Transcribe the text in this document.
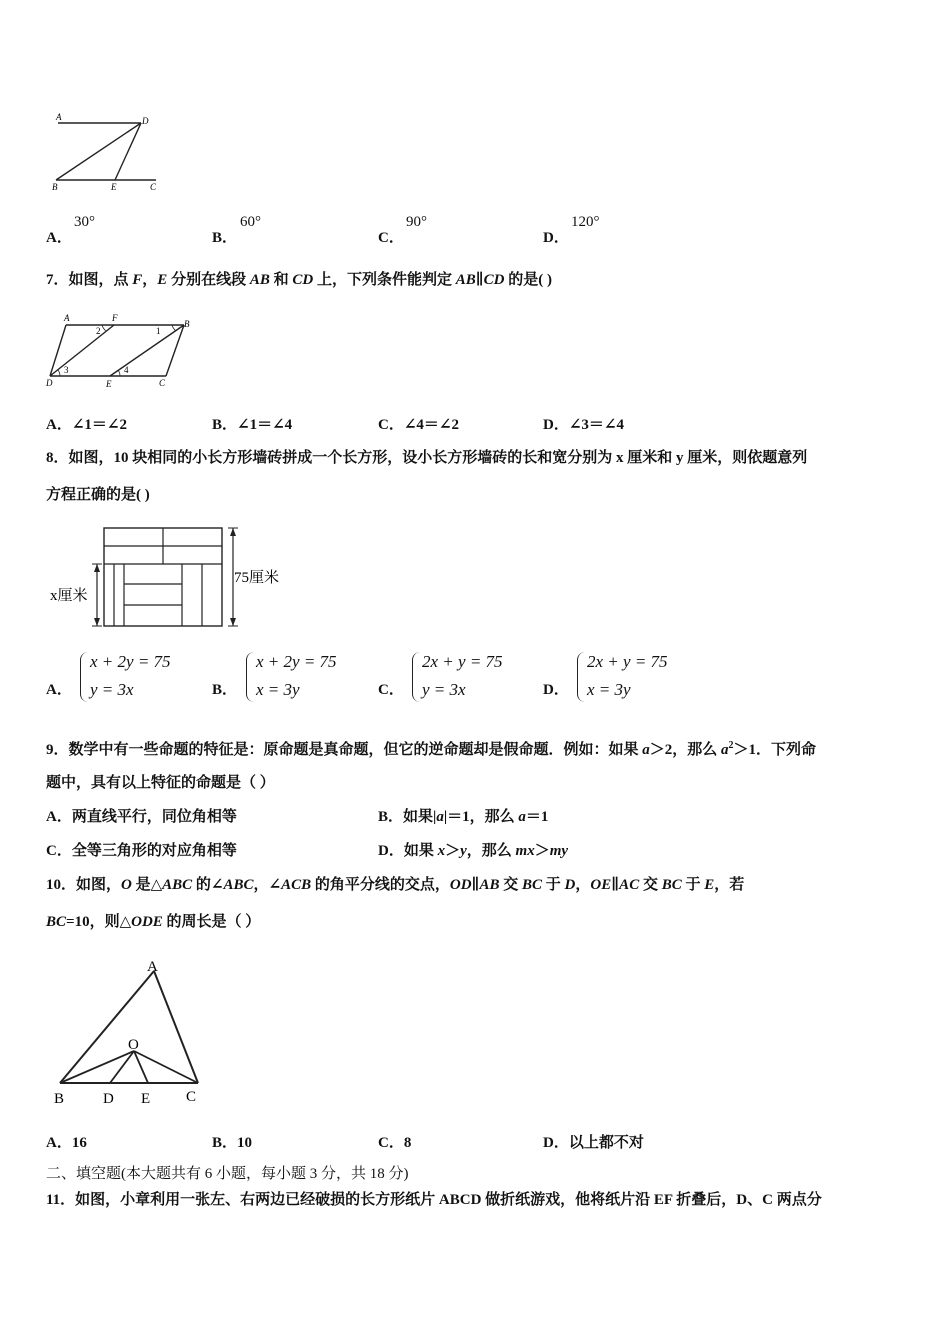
A	D
B	E	C
A．
30°
B．
60°
C．
90°
D．
120°
7．如图，点 F，E 分别在线段 AB 和 CD 上，下列条件能判定 AB∥CD 的是( )
A	F
B
D	E	C
1
2
3	4
A．∠1＝∠2	B．∠1＝∠4	C．∠4＝∠2	D．∠3＝∠4
8．如图，10 块相同的小长方形墙砖拼成一个长方形，设小长方形墙砖的长和宽分别为 x 厘米和 y 厘米，则依题意列
方程正确的是( )
75厘米
x厘米
A．
x + 2y = 75
y = 3x	B．
x + 2y = 75
x = 3y	C．
2x + y = 75
y = 3x	D．
2x + y = 75
x = 3y
9．数学中有一些命题的特征是：原命题是真命题，但它的逆命题却是假命题．例如：如果 a＞2，那么 $a^2>1$．下列命
题中，具有以上特征的命题是（ ）
A．两直线平行，同位角相等	B．如果|a|＝1，那么 a＝1
C．全等三角形的对应角相等	D．如果 x＞y，那么 mx＞my
10．如图，O 是△ABC 的∠ABC，∠ACB 的角平分线的交点，OD∥AB 交 BC 于 D，OE∥AC 交 BC 于 E，若
BC=10，则△ODE 的周长是（ ）
A
O
B	D E C
A．16	B．10	C．8	D．以上都不对
二、填空题(本大题共有 6 小题，每小题 3 分，共 18 分)
11．如图，小章利用一张左、右两边已经破损的长方形纸片 ABCD 做折纸游戏，他将纸片沿 EF 折叠后，D、C 两点分
